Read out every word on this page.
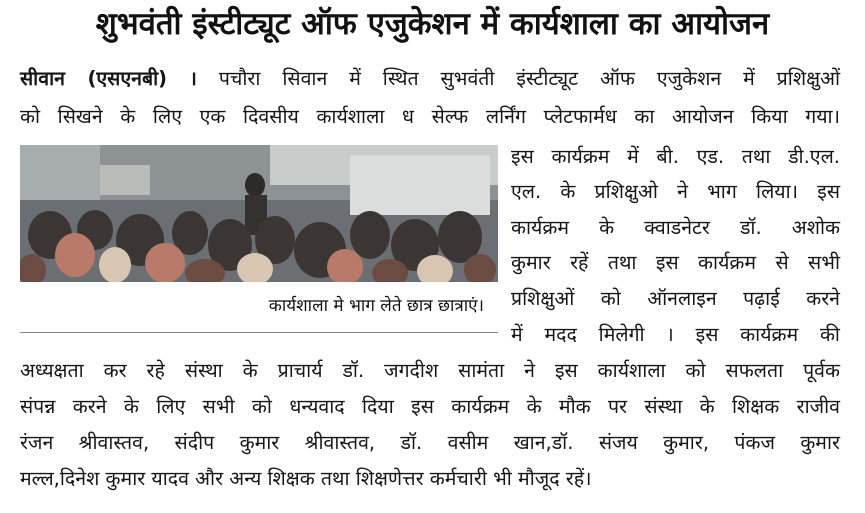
शुभवंती इंस्टीट्यूट ऑफ एजुकेशन में कार्यशाला का आयोजन
सीवान (एसएनबी) । पचौरा सिवान में स्थित सुभवंती इंस्टीट्यूट ऑफ एजुकेशन में प्रशिक्षुओं
को सिखने के लिए एक दिवसीय कार्यशाला ध सेल्फ लर्निंग प्लेटफार्मध का आयोजन किया गया।
कार्यशाला मे भाग लेते छात्र छात्राएं।
इस कार्यक्रम में बी. एड. तथा डी.एल.
एल. के प्रशिक्षुओ ने भाग लिया। इस
कार्यक्रम के क्वाडनेटर डॉ. अशोक
कुमार रहें तथा इस कार्यक्रम से सभी
प्रशिक्षुओं को ऑनलाइन पढ़ाई करने
में मदद मिलेगी । इस कार्यक्रम की
अध्यक्षता कर रहे संस्था के प्राचार्य डॉ. जगदीश सामंता ने इस कार्यशाला को सफलता पूर्वक
संपन्न करने के लिए सभी को धन्यवाद दिया इस कार्यक्रम के मौक पर संस्था के शिक्षक राजीव
रंजन श्रीवास्तव, संदीप कुमार श्रीवास्तव, डॉ. वसीम खान,डॉ. संजय कुमार, पंकज कुमार
मल्ल,दिनेश कुमार यादव और अन्य शिक्षक तथा शिक्षणेत्तर कर्मचारी भी मौजूद रहें।
